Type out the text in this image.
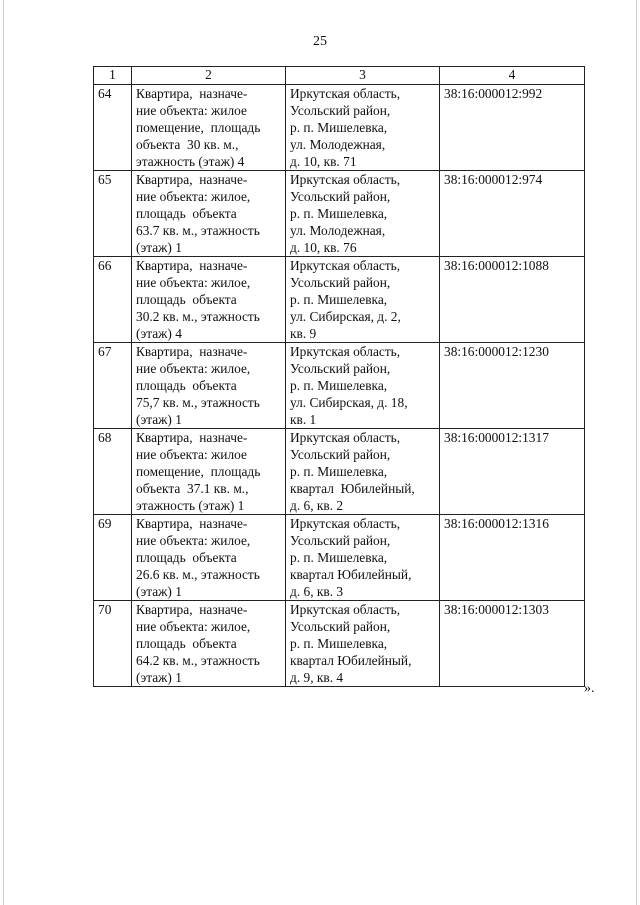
25
1	2	3	4
64	Квартира,  назначе-
ние объекта: жилое
помещение,  площадь
объекта  30 кв. м.,
этажность (этаж) 4	Иркутская область,
Усольский район,
р. п. Мишелевка,
ул. Молодежная,
д. 10, кв. 71	38:16:000012:992
65	Квартира,  назначе-
ние объекта: жилое,
площадь  объекта
63.7 кв. м., этажность
(этаж) 1	Иркутская область,
Усольский район,
р. п. Мишелевка,
ул. Молодежная,
д. 10, кв. 76	38:16:000012:974
66	Квартира,  назначе-
ние объекта: жилое,
площадь  объекта
30.2 кв. м., этажность
(этаж) 4	Иркутская область,
Усольский район,
р. п. Мишелевка,
ул. Сибирская, д. 2,
кв. 9	38:16:000012:1088
67	Квартира,  назначе-
ние объекта: жилое,
площадь  объекта
75,7 кв. м., этажность
(этаж) 1	Иркутская область,
Усольский район,
р. п. Мишелевка,
ул. Сибирская, д. 18,
кв. 1	38:16:000012:1230
68	Квартира,  назначе-
ние объекта: жилое
помещение,  площадь
объекта  37.1 кв. м.,
этажность (этаж) 1	Иркутская область,
Усольский район,
р. п. Мишелевка,
квартал  Юбилейный,
д. 6, кв. 2	38:16:000012:1317
69	Квартира,  назначе-
ние объекта: жилое,
площадь  объекта
26.6 кв. м., этажность
(этаж) 1	Иркутская область,
Усольский район,
р. п. Мишелевка,
квартал Юбилейный,
д. 6, кв. 3	38:16:000012:1316
70	Квартира,  назначе-
ние объекта: жилое,
площадь  объекта
64.2 кв. м., этажность
(этаж) 1	Иркутская область,
Усольский район,
р. п. Мишелевка,
квартал Юбилейный,
д. 9, кв. 4	38:16:000012:1303
».
